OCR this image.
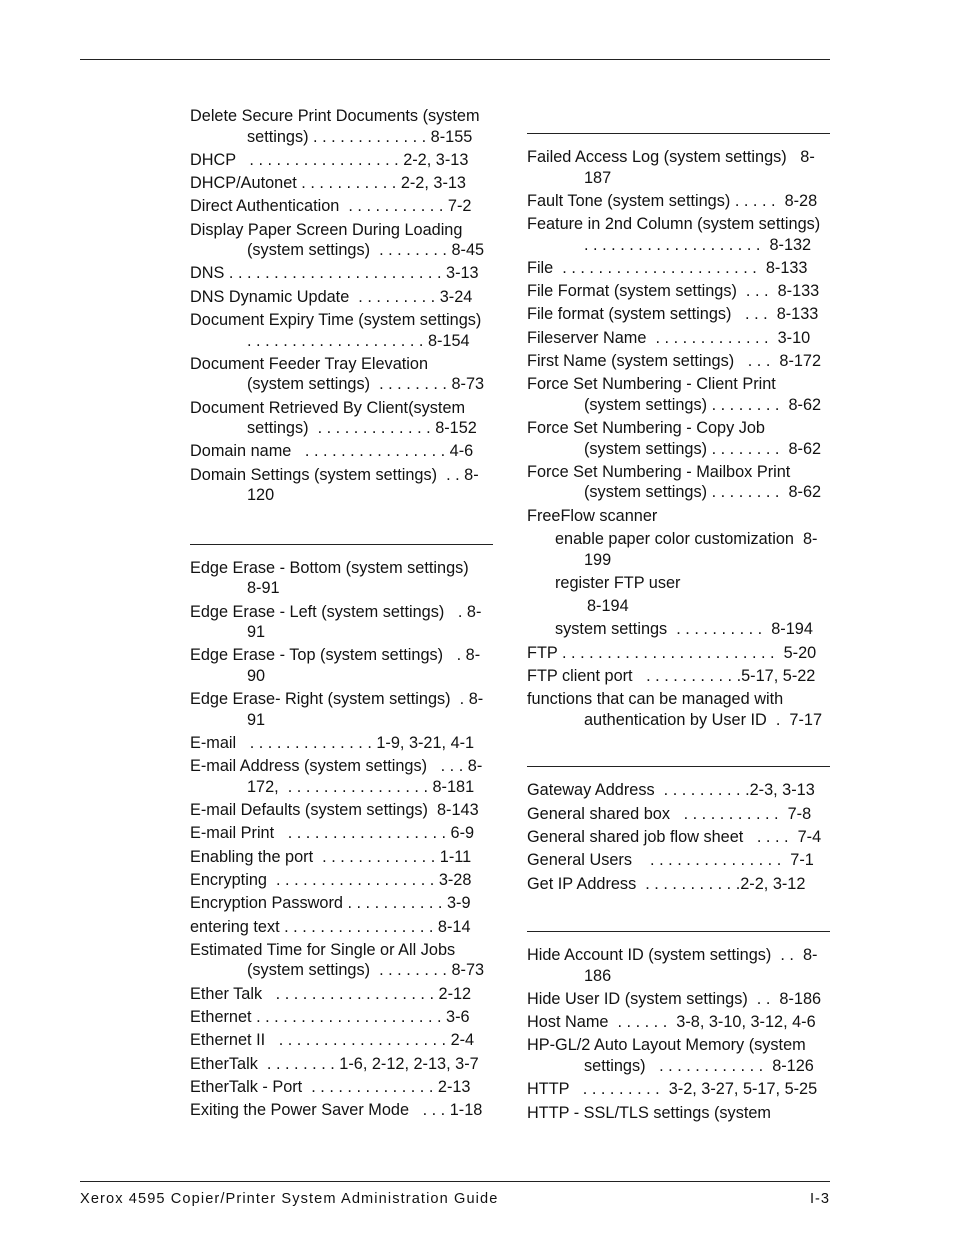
Delete Secure Print Documents (system
settings) . . . . . . . . . . . . . 8-155
DHCP   . . . . . . . . . . . . . . . . . 2-2, 3-13
DHCP/Autonet . . . . . . . . . . . 2-2, 3-13
Direct Authentication  . . . . . . . . . . . 7-2
Display Paper Screen During Loading
(system settings)  . . . . . . . . 8-45
DNS . . . . . . . . . . . . . . . . . . . . . . . . 3-13
DNS Dynamic Update  . . . . . . . . . 3-24
Document Expiry Time (system settings)
. . . . . . . . . . . . . . . . . . . . 8-154
Document Feeder Tray Elevation
(system settings)  . . . . . . . . 8-73
Document Retrieved By Client(system
settings)  . . . . . . . . . . . . . 8-152
Domain name   . . . . . . . . . . . . . . . . 4-6
Domain Settings (system settings)  . . 8-
120
Edge Erase - Bottom (system settings)
8-91
Edge Erase - Left (system settings)   . 8-
91
Edge Erase - Top (system settings)   . 8-
90
Edge Erase- Right (system settings)  . 8-
91
E-mail   . . . . . . . . . . . . . . 1-9, 3-21, 4-1
E-mail Address (system settings)   . . . 8-
172,  . . . . . . . . . . . . . . . . 8-181
E-mail Defaults (system settings)  8-143
E-mail Print   . . . . . . . . . . . . . . . . . . 6-9
Enabling the port  . . . . . . . . . . . . . 1-11
Encrypting  . . . . . . . . . . . . . . . . . . 3-28
Encryption Password . . . . . . . . . . . 3-9
entering text . . . . . . . . . . . . . . . . . 8-14
Estimated Time for Single or All Jobs
(system settings)  . . . . . . . . 8-73
Ether Talk   . . . . . . . . . . . . . . . . . . 2-12
Ethernet . . . . . . . . . . . . . . . . . . . . . 3-6
Ethernet II   . . . . . . . . . . . . . . . . . . . 2-4
EtherTalk  . . . . . . . . 1-6, 2-12, 2-13, 3-7
EtherTalk - Port  . . . . . . . . . . . . . . 2-13
Exiting the Power Saver Mode   . . . 1-18
Failed Access Log (system settings)   8-
187
Fault Tone (system settings) . . . . .  8-28
Feature in 2nd Column (system settings)
. . . . . . . . . . . . . . . . . . . .  8-132
File  . . . . . . . . . . . . . . . . . . . . . .  8-133
File Format (system settings)  . . .  8-133
File format (system settings)   . . .  8-133
Fileserver Name  . . . . . . . . . . . . .  3-10
First Name (system settings)   . . .  8-172
Force Set Numbering - Client Print
(system settings) . . . . . . . .  8-62
Force Set Numbering - Copy Job
(system settings) . . . . . . . .  8-62
Force Set Numbering - Mailbox Print
(system settings) . . . . . . . .  8-62
FreeFlow scanner
enable paper color customization  8-
199
register FTP user
8-194
system settings  . . . . . . . . . .  8-194
FTP . . . . . . . . . . . . . . . . . . . . . . . .  5-20
FTP client port   . . . . . . . . . . .5-17, 5-22
functions that can be managed with
authentication by User ID  .  7-17
Gateway Address  . . . . . . . . . .2-3, 3-13
General shared box   . . . . . . . . . . .  7-8
General shared job flow sheet   . . . .  7-4
General Users    . . . . . . . . . . . . . . .  7-1
Get IP Address  . . . . . . . . . . .2-2, 3-12
Hide Account ID (system settings)  . .  8-
186
Hide User ID (system settings)  . .  8-186
Host Name  . . . . . .  3-8, 3-10, 3-12, 4-6
HP-GL/2 Auto Layout Memory (system
settings)   . . . . . . . . . . . .  8-126
HTTP   . . . . . . . . .  3-2, 3-27, 5-17, 5-25
HTTP - SSL/TLS settings (system
Xerox 4595 Copier/Printer System Administration Guide	I-3
